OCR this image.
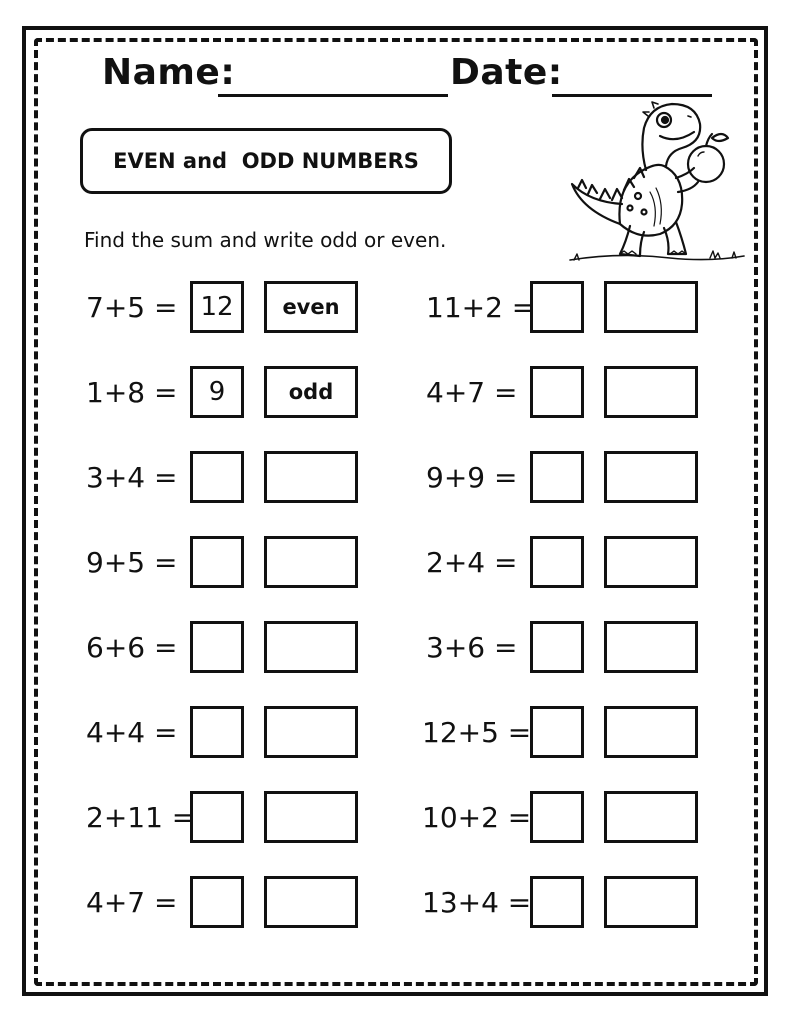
Name:	Date:
EVEN and  ODD NUMBERS
Find the sum and write odd or even.
7+5 = 12	even
1+8 =	9	odd
3+4 =
9+5 =
6+6 =
4+4 =
2+11 =
4+7 =
11+2 =
4+7 =
9+9 =
2+4 =
3+6 =
12+5 =
10+2 =
13+4 =
